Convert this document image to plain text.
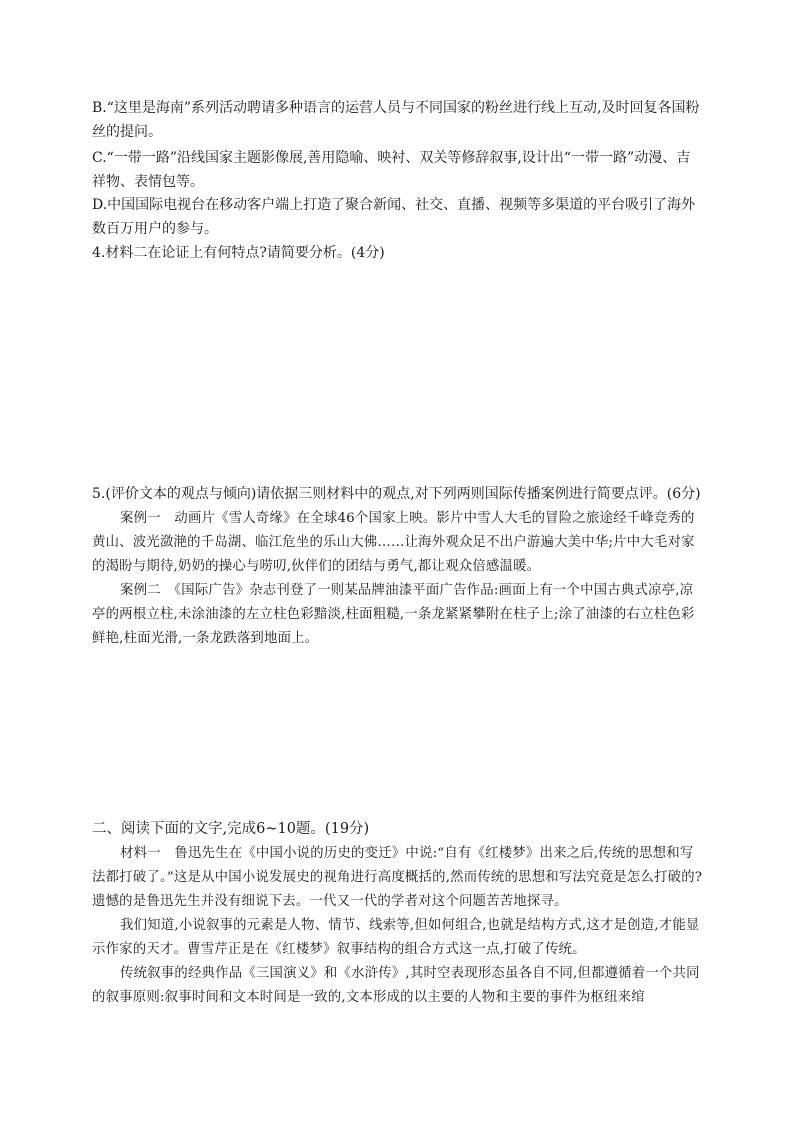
B.“这里是海南”系列活动聘请多种语言的运营人员与不同国家的粉丝进行线上互动,及时回复各国粉丝的提问。

C.“一带一路”沿线国家主题影像展,善用隐喻、映衬、双关等修辞叙事,设计出“一带一路”动漫、吉祥物、表情包等。

D.中国国际电视台在移动客户端上打造了聚合新闻、社交、直播、视频等多渠道的平台吸引了海外数百万用户的参与。

4.材料二在论证上有何特点?请简要分析。(4分)

5.(评价文本的观点与倾向)请依据三则材料中的观点,对下列两则国际传播案例进行简要点评。(6分)

案例一　动画片《雪人奇缘》在全球46个国家上映。影片中雪人大毛的冒险之旅途经千峰竞秀的黄山、波光潋滟的千岛湖、临江危坐的乐山大佛……让海外观众足不出户游遍大美中华;片中大毛对家的渴盼与期待,奶奶的操心与唠叨,伙伴们的团结与勇气,都让观众倍感温暖。

案例二　《国际广告》杂志刊登了一则某品牌油漆平面广告作品:画面上有一个中国古典式凉亭,凉亭的两根立柱,未涂油漆的左立柱色彩黯淡,柱面粗糙,一条龙紧紧攀附在柱子上;涂了油漆的右立柱色彩鲜艳,柱面光滑,一条龙跌落到地面上。

二、阅读下面的文字,完成6~10题。(19分)

材料一　鲁迅先生在《中国小说的历史的变迁》中说:“自有《红楼梦》出来之后,传统的思想和写法都打破了。”这是从中国小说发展史的视角进行高度概括的,然而传统的思想和写法究竟是怎么打破的?遗憾的是鲁迅先生并没有细说下去。一代又一代的学者对这个问题苦苦地探寻。

我们知道,小说叙事的元素是人物、情节、线索等,但如何组合,也就是结构方式,这才是创造,才能显示作家的天才。曹雪芹正是在《红楼梦》叙事结构的组合方式这一点,打破了传统。

传统叙事的经典作品《三国演义》和《水浒传》,其时空表现形态虽各自不同,但都遵循着一个共同的叙事原则:叙事时间和文本时间是一致的,文本形成的以主要的人物和主要的事件为枢纽来绾
